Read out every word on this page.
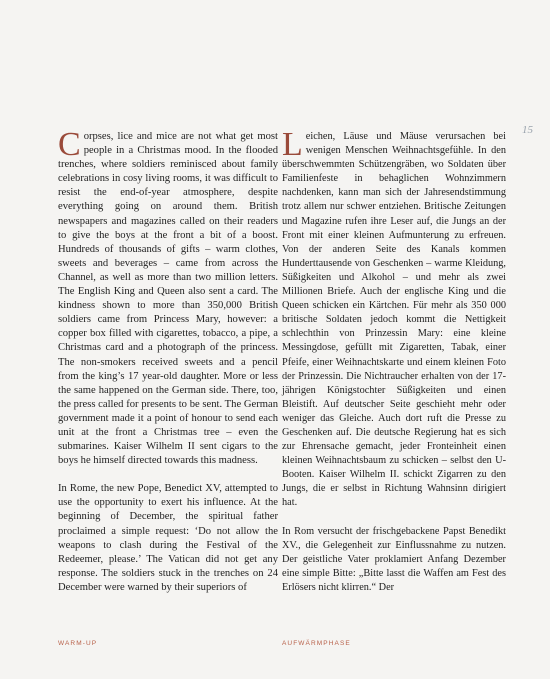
Corpses, lice and mice are not what get most people in a Christmas mood. In the flooded trenches, where soldiers reminisced about family celebrations in cosy living rooms, it was difficult to resist the end-of-year atmosphere, despite everything going on around them. British newspapers and magazines called on their readers to give the boys at the front a bit of a boost. Hundreds of thousands of gifts – warm clothes, sweets and beverages – came from across the Channel, as well as more than two million letters. The English King and Queen also sent a card. The kindness shown to more than 350,000 British soldiers came from Princess Mary, however: a copper box filled with cigarettes, tobacco, a pipe, a Christmas card and a photograph of the princess. The non-smokers received sweets and a pencil from the king’s 17 year-old daughter. More or less the same happened on the German side. There, too, the press called for presents to be sent. The German government made it a point of honour to send each unit at the front a Christmas tree – even the submarines. Kaiser Wilhelm II sent cigars to the boys he himself directed towards this madness.

In Rome, the new Pope, Benedict XV, attempted to use the opportunity to exert his influence. At the beginning of December, the spiritual father proclaimed a simple request: ‘Do not allow the weapons to clash during the Festival of the Redeemer, please.’ The Vatican did not get any response. The soldiers stuck in the trenches on 24 December were warned by their superiors of

Leichen, Läuse und Mäuse verursachen bei wenigen Menschen Weihnachtsgefühle. In den überschwemmten Schützengräben, wo Soldaten über Familienfeste in behaglichen Wohnzimmern nachdenken, kann man sich der Jahresendstimmung trotz allem nur schwer entziehen. Britische Zeitungen und Magazine rufen ihre Leser auf, die Jungs an der Front mit einer kleinen Aufmunterung zu erfreuen. Von der anderen Seite des Kanals kommen Hunderttausende von Geschenken – warme Kleidung, Süßigkeiten und Alkohol – und mehr als zwei Millionen Briefe. Auch der englische King und die Queen schicken ein Kärtchen. Für mehr als 350 000 britische Soldaten jedoch kommt die Nettigkeit schlechthin von Prinzessin Mary: eine kleine Messingdose, gefüllt mit Zigaretten, Tabak, einer Pfeife, einer Weihnachtskarte und einem kleinen Foto der Prinzessin. Die Nichtraucher erhalten von der 17-jährigen Königstochter Süßigkeiten und einen Bleistift. Auf deutscher Seite geschieht mehr oder weniger das Gleiche. Auch dort ruft die Presse zu Geschenken auf. Die deutsche Regierung hat es sich zur Ehrensache gemacht, jeder Fronteinheit einen kleinen Weihnachtsbaum zu schicken – selbst den U-Booten. Kaiser Wilhelm II. schickt Zigarren zu den Jungs, die er selbst in Richtung Wahnsinn dirigiert hat.

In Rom versucht der frischgebackene Papst Benedikt XV., die Gelegenheit zur Einflussnahme zu nutzen. Der geistliche Vater proklamiert Anfang Dezember eine simple Bitte: „Bitte lasst die Waffen am Fest des Erlösers nicht klirren.“ Der

15
WARM-UP	AUFWÄRMPHASE
